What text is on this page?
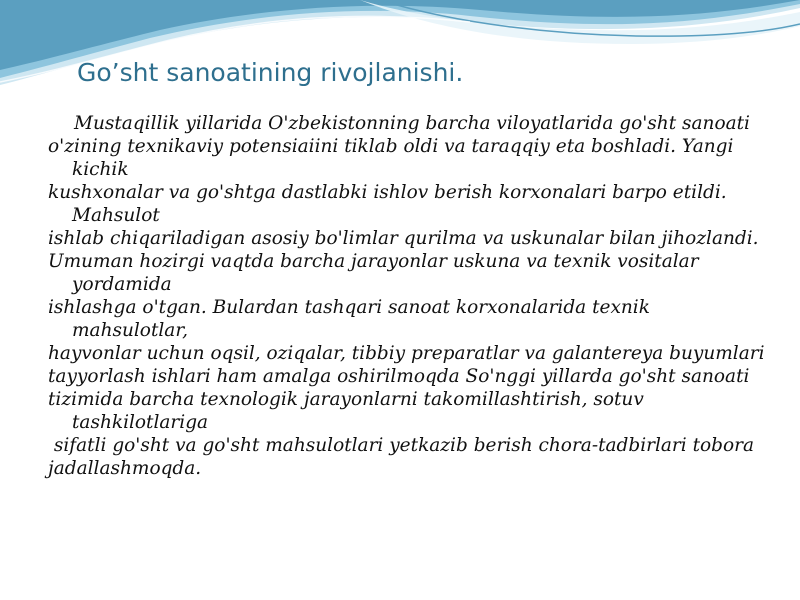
Go’sht sanoatining rivojlanishi.
Mustaqillik yillarida O'zbekistonning barcha viloyatlarida go'sht sanoati
o'zining texnikaviy potensiaiini tiklab oldi va taraqqiy eta boshladi. Yangi kichik
kushxonalar va go'shtga dastlabki ishlov berish korxonalari barpo etildi. Mahsulot
ishlab chiqariladigan asosiy bo'limlar qurilma va uskunalar bilan jihozlandi.
Umuman hozirgi vaqtda barcha jarayonlar uskuna va texnik vositalar yordamida
ishlashga o'tgan. Bulardan tashqari sanoat korxonalarida texnik mahsulotlar,
hayvonlar uchun oqsil, oziqalar, tibbiy preparatlar va galantereya buyumlari
tayyorlash ishlari ham amalga oshirilmoqda So'nggi yillarda go'sht sanoati
tizimida barcha texnologik jarayonlarni takomillashtirish, sotuv tashkilotlariga
sifatli go'sht va go'sht mahsulotlari yetkazib berish chora-tadbirlari tobora
jadallashmoqda.
